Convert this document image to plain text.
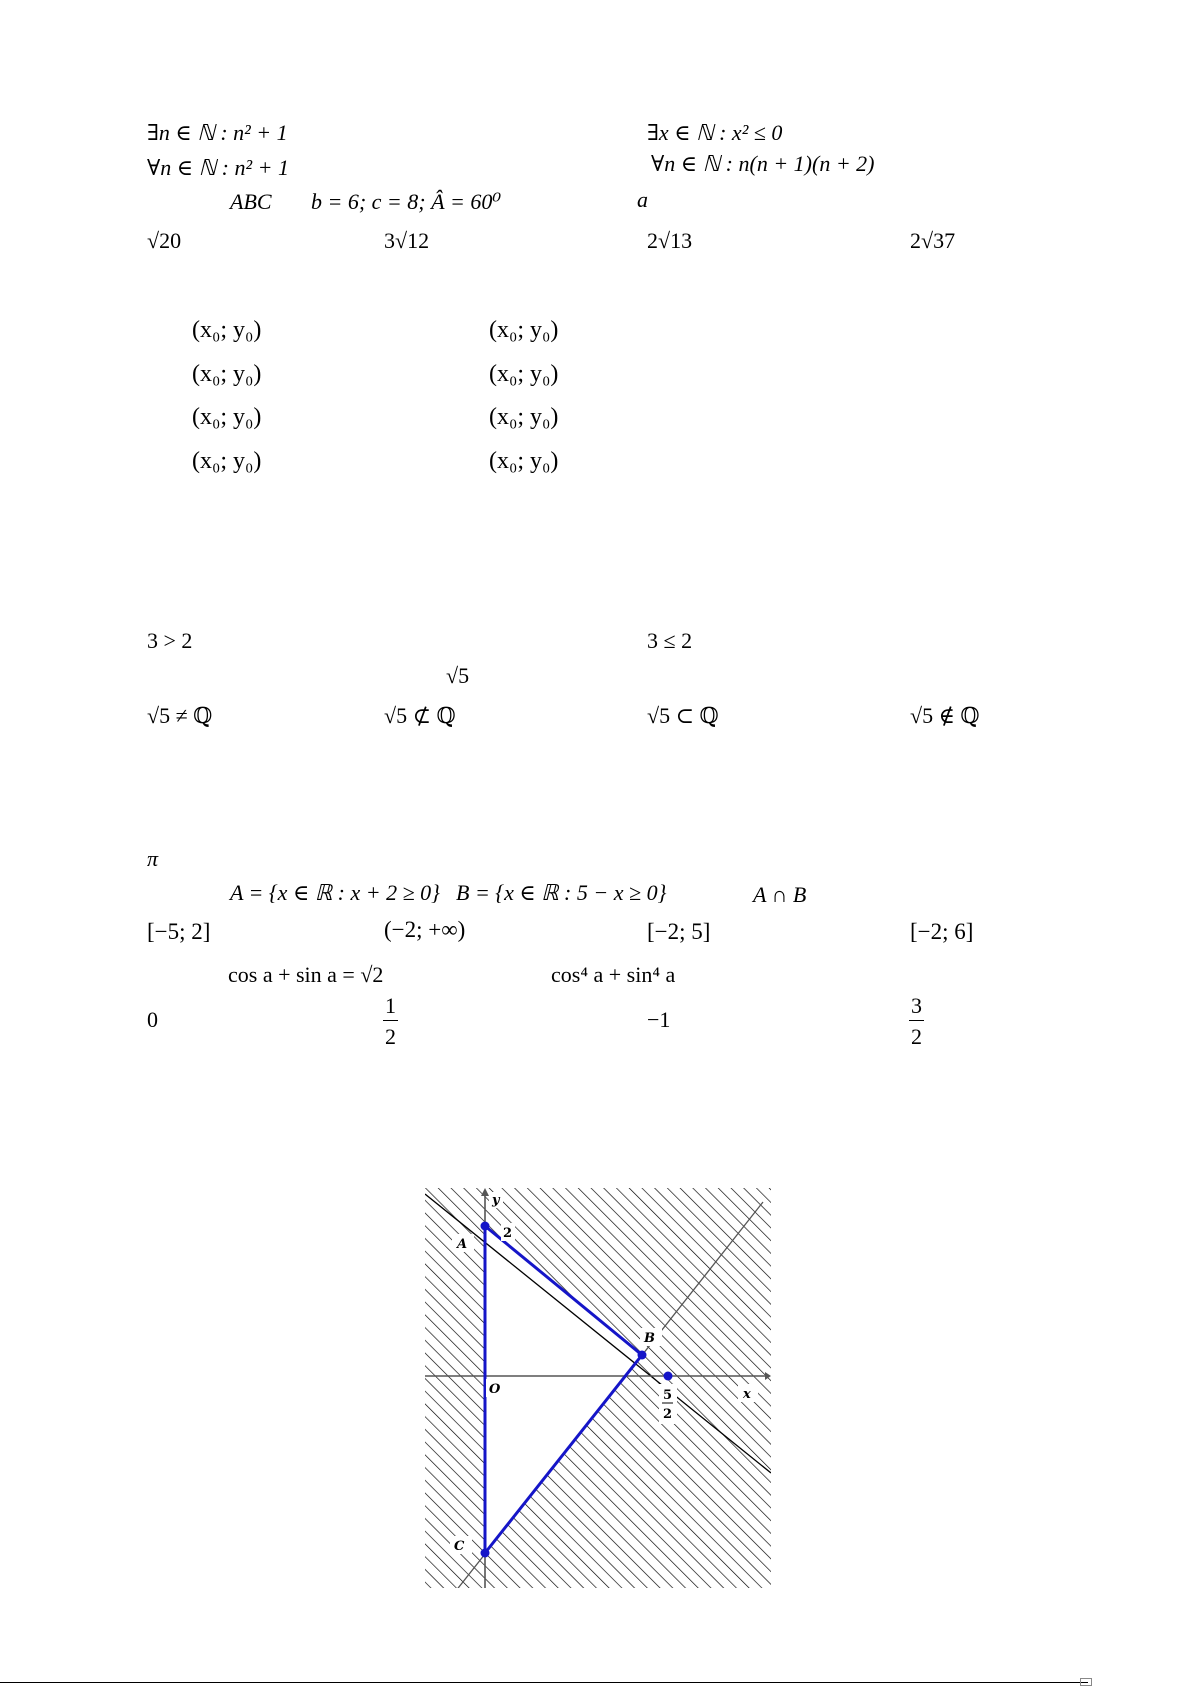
∃n ∈ ℕ : n² + 1	∃x ∈ ℕ : x² ≤ 0
∀n ∈ ℕ : n² + 1	∀n ∈ ℕ : n(n + 1)(n + 2)
ABC b = 6; c = 8; Â = 60⁰	a
√20	3√12	2√13	2√37
(x₀; y₀)	(x₀; y₀)
(x₀; y₀)	(x₀; y₀)
(x₀; y₀)	(x₀; y₀)
(x₀; y₀)	(x₀; y₀)
3 > 2	3 ≤ 2
√5
√5 ≠ ℚ	√5 ⊄ ℚ	√5 ⊂ ℚ	√5 ∉ ℚ
π
A = {x ∈ ℝ : x + 2 ≥ 0} B = {x ∈ ℝ : 5 − x ≥ 0}	A ∩ B
[−5; 2]	(−2; +∞)	[−2; 5]	[−2; 6]
cos a + sin a = √2	cos⁴ a + sin⁴ a
0	$\frac{1}{2}$	−1	$\frac{3}{2}$
y
2
A
B
O	5
2
x
C
